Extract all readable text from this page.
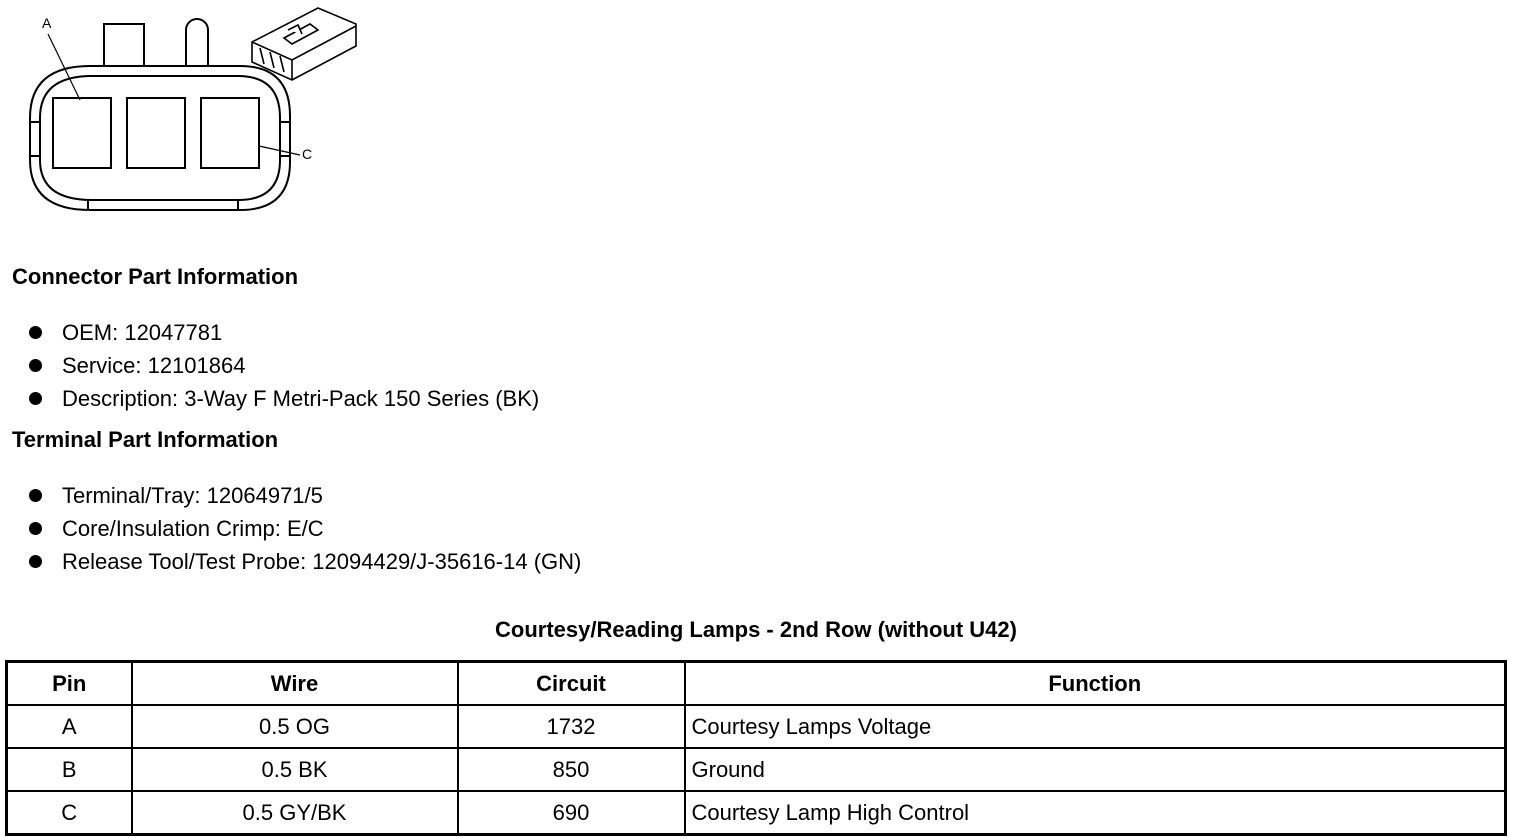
A
C
Connector Part Information
OEM: 12047781
Service: 12101864
Description: 3-Way F Metri-Pack 150 Series (BK)
Terminal Part Information
Terminal/Tray: 12064971/5
Core/Insulation Crimp: E/C
Release Tool/Test Probe: 12094429/J-35616-14 (GN)
Courtesy/Reading Lamps - 2nd Row (without U42)
Pin	Wire	Circuit	Function
A	0.5 OG	1732	Courtesy Lamps Voltage
B	0.5 BK	850	Ground
C	0.5 GY/BK	690	Courtesy Lamp High Control
